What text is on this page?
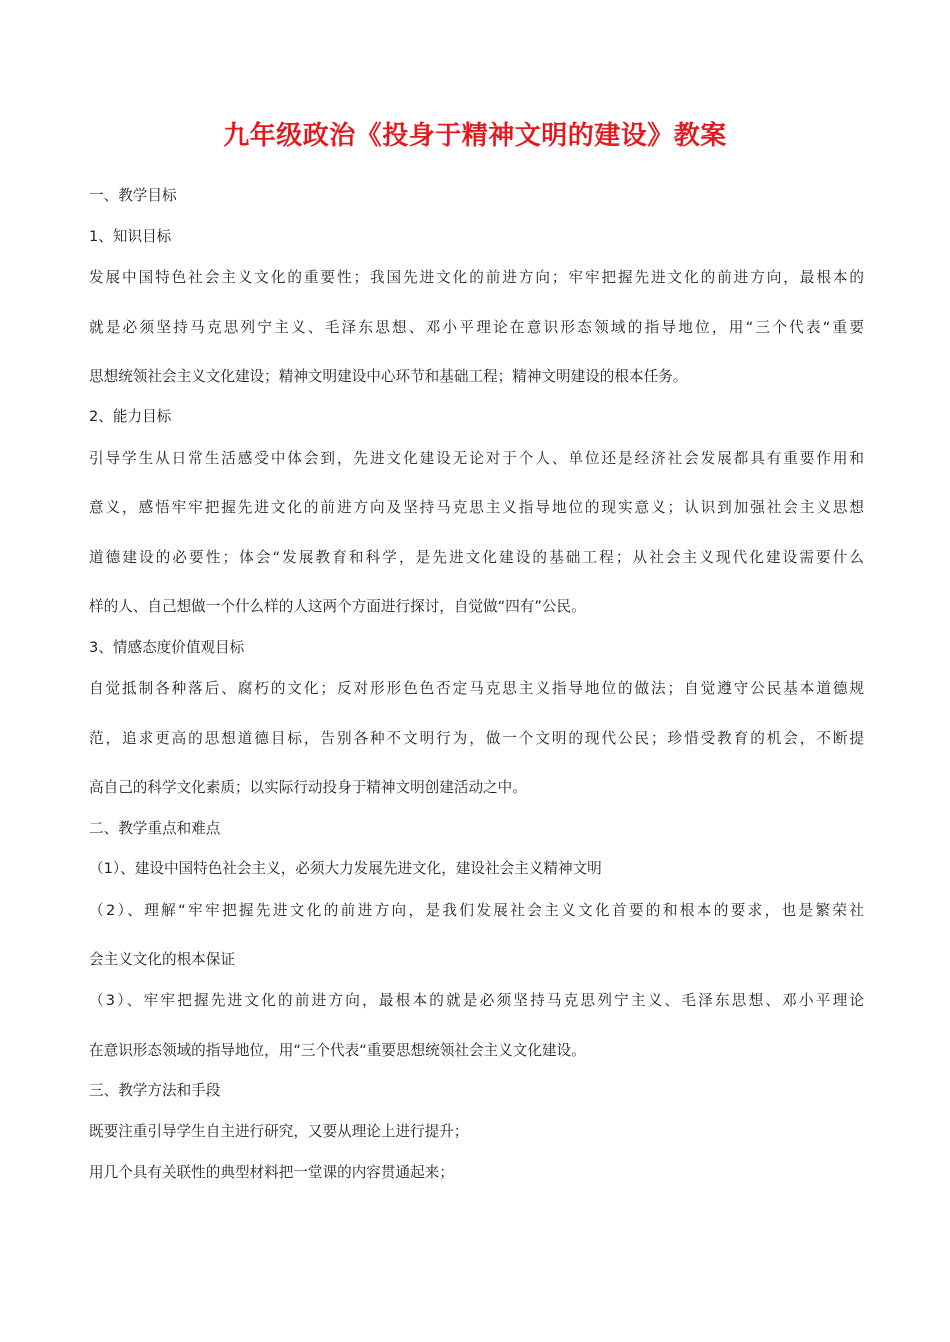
九年级政治《投身于精神文明的建设》教案
一、教学目标
1、知识目标
发展中国特色社会主义文化的重要性；我国先进文化的前进方向；牢牢把握先进文化的前进方向，最根本的
就是必须坚持马克思列宁主义、毛泽东思想、邓小平理论在意识形态领域的指导地位，用“三个代表“重要
思想统领社会主义文化建设；精神文明建设中心环节和基础工程；精神文明建设的根本任务。
2、能力目标
引导学生从日常生活感受中体会到，先进文化建设无论对于个人、单位还是经济社会发展都具有重要作用和
意义，感悟牢牢把握先进文化的前进方向及坚持马克思主义指导地位的现实意义；认识到加强社会主义思想
道德建设的必要性；体会“发展教育和科学，是先进文化建设的基础工程；从社会主义现代化建设需要什么
样的人、自己想做一个什么样的人这两个方面进行探讨，自觉做“四有”公民。
3、情感态度价值观目标
自觉抵制各种落后、腐朽的文化；反对形形色色否定马克思主义指导地位的做法；自觉遵守公民基本道德规
范，追求更高的思想道德目标，告别各种不文明行为，做一个文明的现代公民；珍惜受教育的机会，不断提
高自己的科学文化素质；以实际行动投身于精神文明创建活动之中。
二、教学重点和难点
（1）、建设中国特色社会主义，必须大力发展先进文化，建设社会主义精神文明
（2）、理解“牢牢把握先进文化的前进方向，是我们发展社会主义文化首要的和根本的要求，也是繁荣社
会主义文化的根本保证
（3）、牢牢把握先进文化的前进方向，最根本的就是必须坚持马克思列宁主义、毛泽东思想、邓小平理论
在意识形态领域的指导地位，用“三个代表“重要思想统领社会主义文化建设。
三、教学方法和手段
既要注重引导学生自主进行研究，又要从理论上进行提升；
用几个具有关联性的典型材料把一堂课的内容贯通起来；
